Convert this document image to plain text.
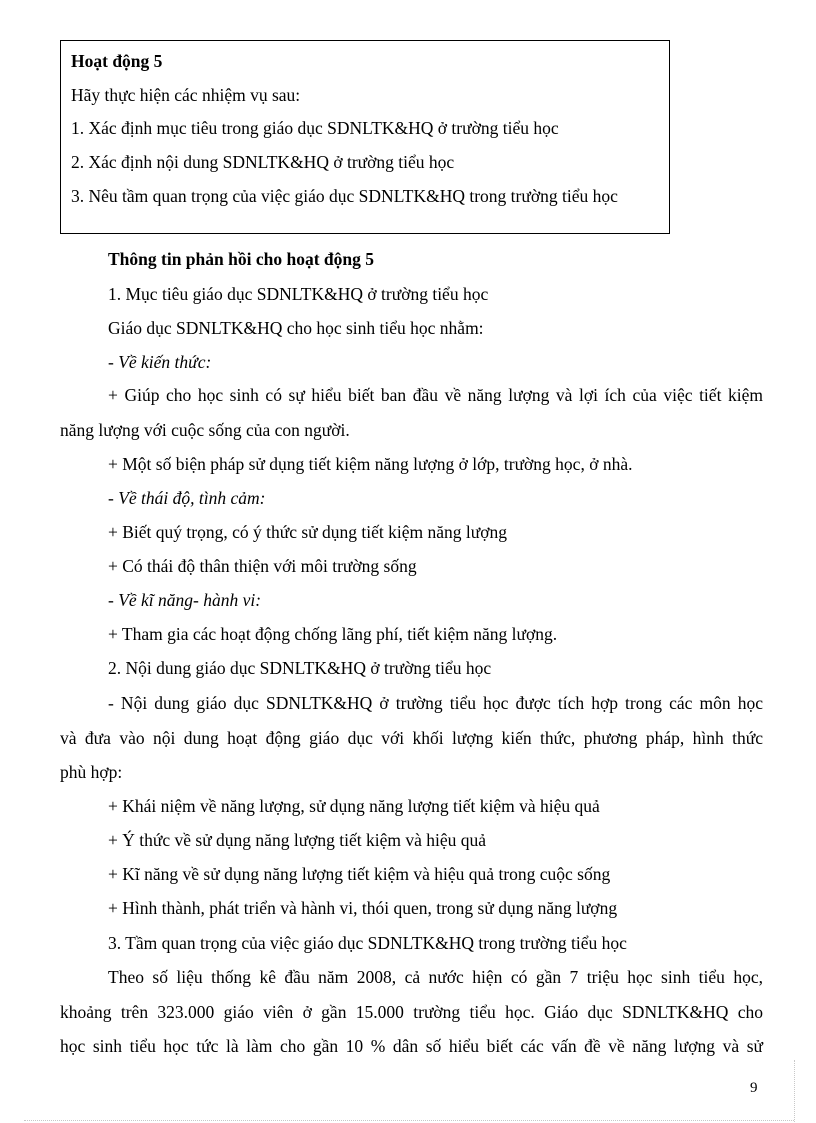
Hoạt động 5
Hãy thực hiện các nhiệm vụ sau:
1. Xác định mục tiêu trong giáo dục SDNLTK&HQ ở trường tiểu học
2. Xác định nội dung SDNLTK&HQ ở trường tiểu học
3. Nêu tầm quan trọng của việc giáo dục SDNLTK&HQ trong trường tiểu học
Thông tin phản hồi cho hoạt động 5
1. Mục tiêu giáo dục SDNLTK&HQ ở trường tiểu học
Giáo dục SDNLTK&HQ cho học sinh tiểu học nhằm:
- Về kiến thức:
+ Giúp cho học sinh có sự hiểu biết ban đầu về năng lượng và lợi ích của việc tiết kiệm
năng lượng với cuộc sống của con người.
+ Một số biện pháp sử dụng tiết kiệm năng lượng ở lớp, trường học, ở nhà.
- Về thái độ, tình cảm:
+ Biết quý trọng, có ý thức sử dụng tiết kiệm năng lượng
+ Có thái độ thân thiện với môi trường sống
- Về kĩ năng- hành vi:
+ Tham gia các hoạt động chống lãng phí, tiết kiệm năng lượng.
2. Nội dung giáo dục SDNLTK&HQ ở trường tiểu học
- Nội dung giáo dục SDNLTK&HQ ở trường tiểu học được tích hợp trong các môn học
và đưa vào nội dung hoạt động giáo dục với khối lượng kiến thức, phương pháp, hình thức
phù hợp:
+ Khái niệm về năng lượng, sử dụng năng lượng tiết kiệm và hiệu quả
+ Ý thức về sử dụng năng lượng tiết kiệm và hiệu quả
+ Kĩ năng về sử dụng năng lượng tiết kiệm và hiệu quả trong cuộc sống
+ Hình thành, phát triển và hành vi, thói quen, trong sử dụng năng lượng
3. Tầm quan trọng của việc giáo dục SDNLTK&HQ trong trường tiểu học
Theo số liệu thống kê đầu năm 2008, cả nước hiện có gần 7 triệu học sinh tiểu học,
khoảng trên 323.000 giáo viên ở gần 15.000 trường tiểu học. Giáo dục SDNLTK&HQ cho
học sinh tiểu học tức là làm cho gần 10 % dân số hiểu biết các vấn đề về năng lượng và sử
9
